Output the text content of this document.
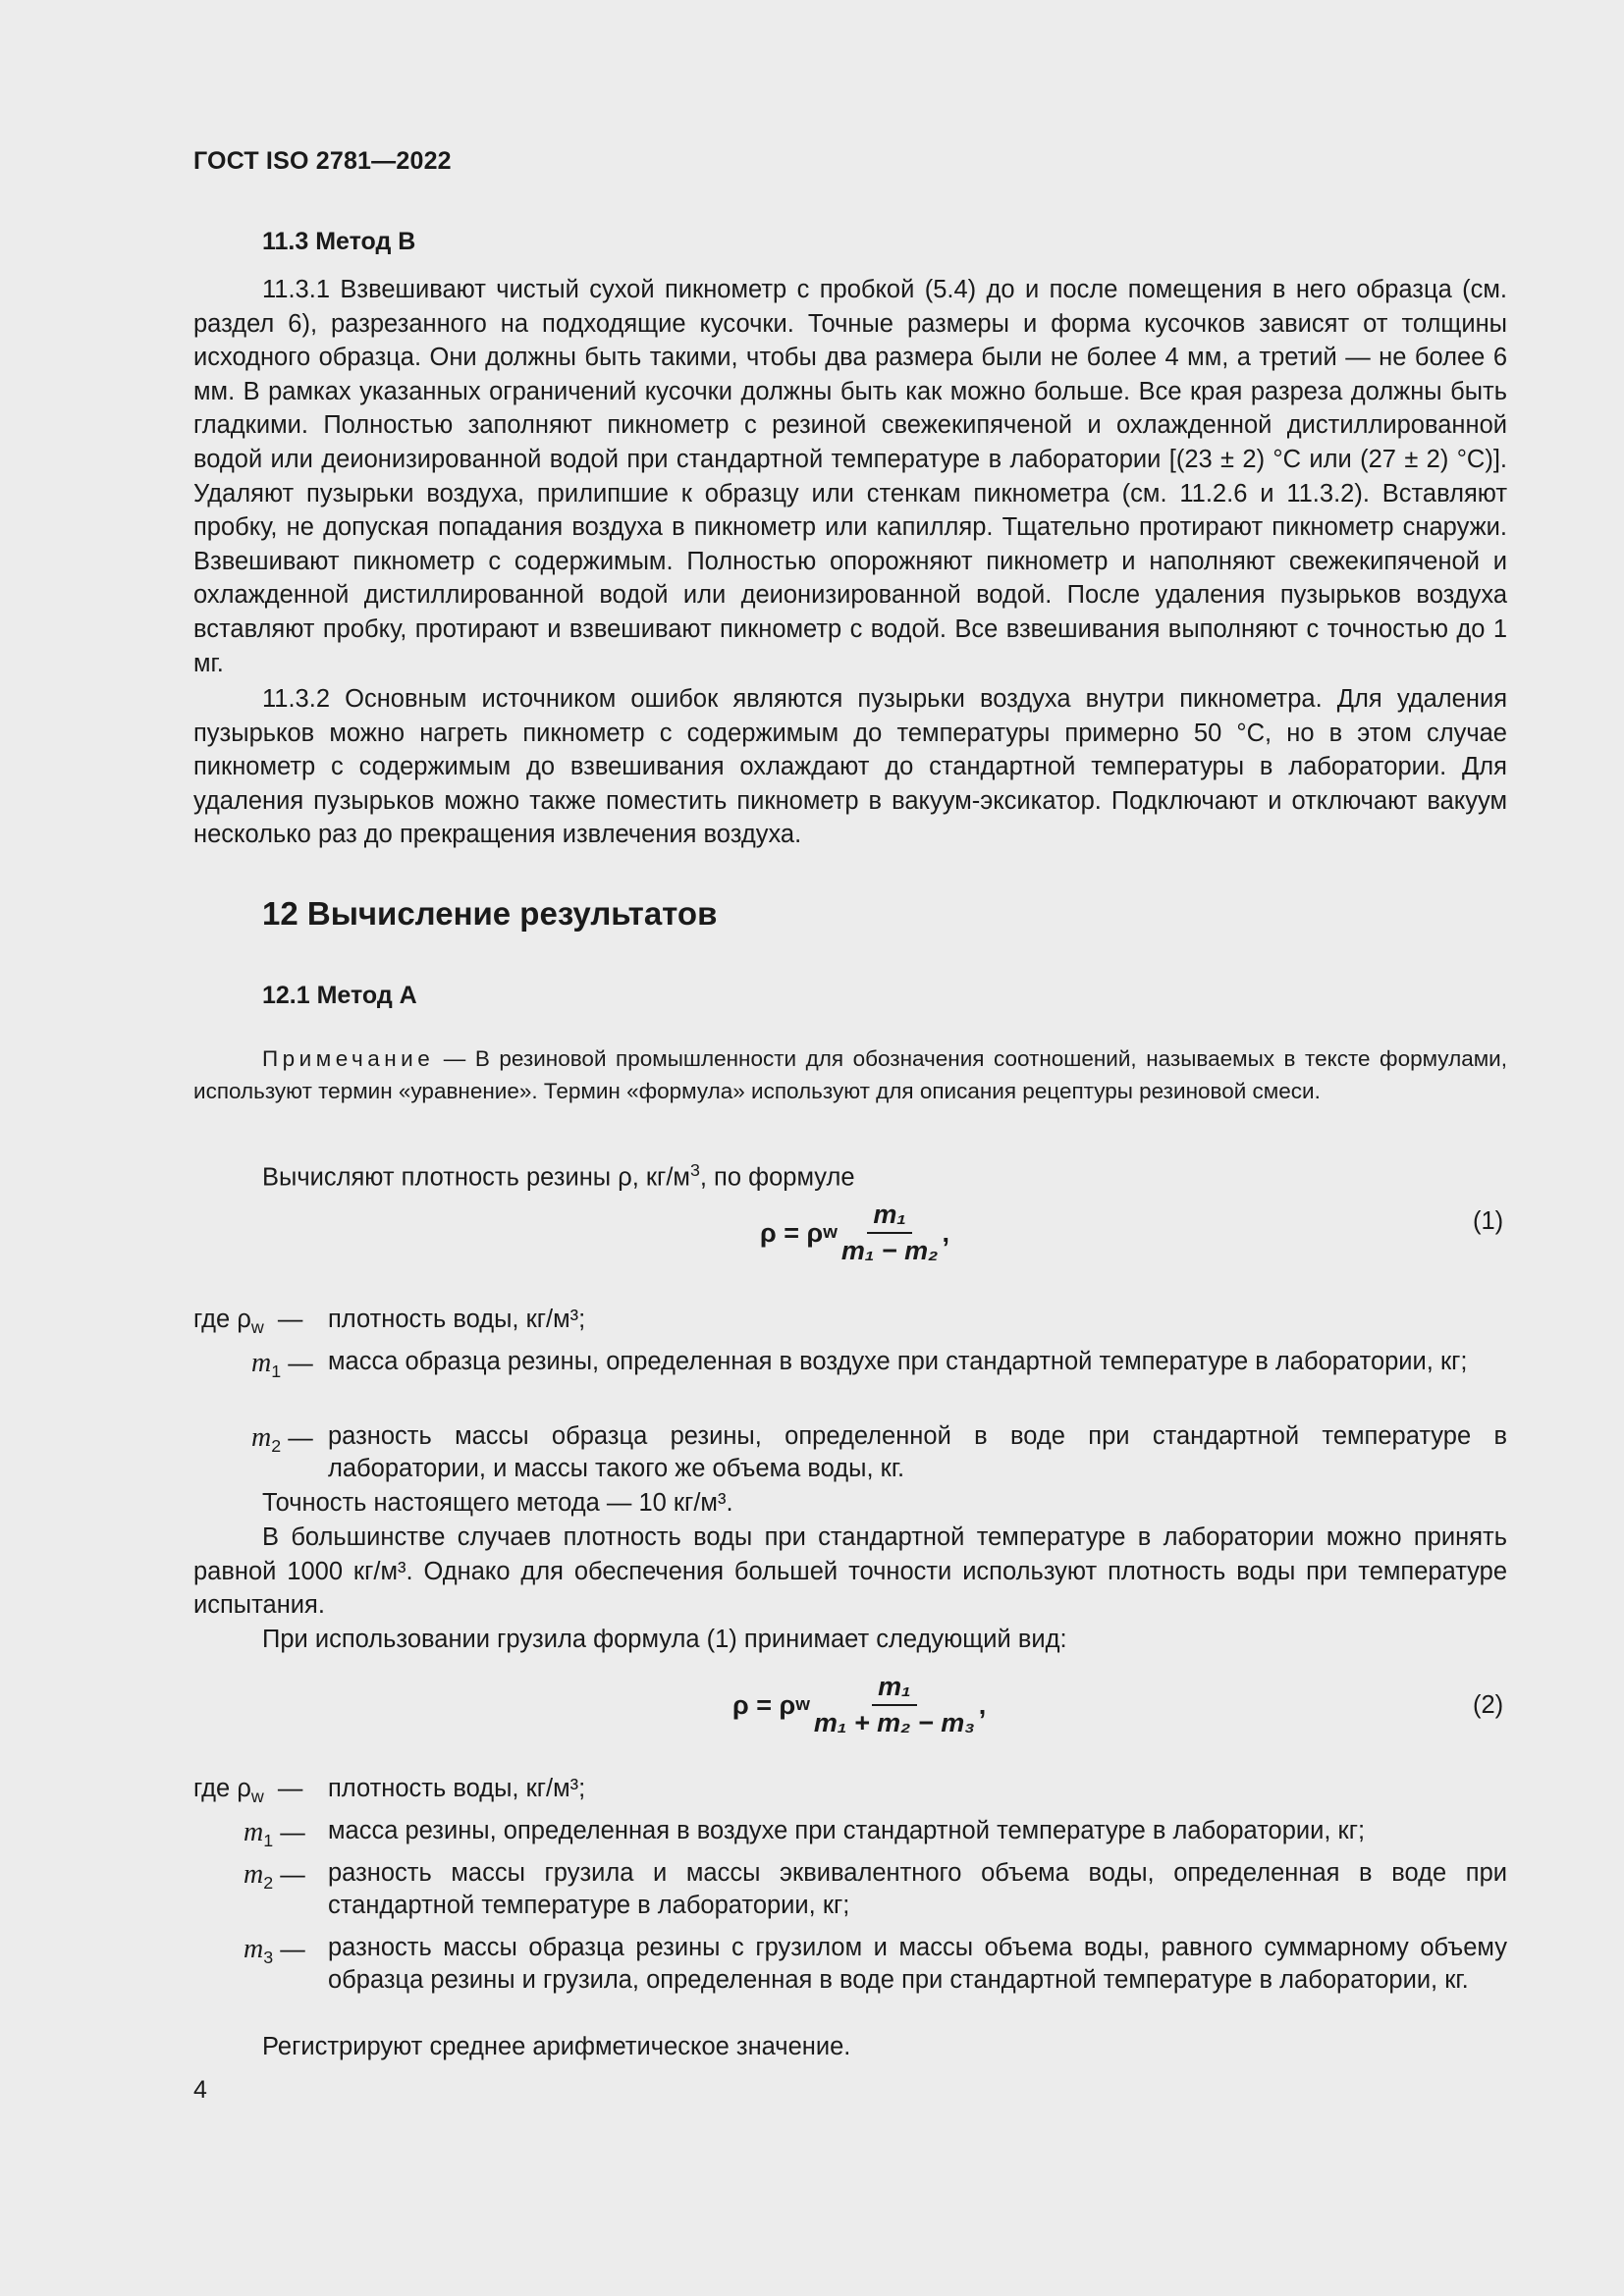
ГОСТ ISO 2781—2022
11.3 Метод В

11.3.1 Взвешивают чистый сухой пикнометр с пробкой (5.4) до и после помещения в него образца (см. раздел 6), разрезанного на подходящие кусочки. Точные размеры и форма кусочков зависят от толщины исходного образца. Они должны быть такими, чтобы два размера были не более 4 мм, а третий — не более 6 мм. В рамках указанных ограничений кусочки должны быть как можно больше. Все края разреза должны быть гладкими. Полностью заполняют пикнометр с резиной свежекипяченой и охлажденной дистиллированной водой или деионизированной водой при стандартной температуре в лаборатории [(23 ± 2) °С или (27 ± 2) °С)]. Удаляют пузырьки воздуха, прилипшие к образцу или стенкам пикнометра (см. 11.2.6 и 11.3.2). Вставляют пробку, не допуская попадания воздуха в пикнометр или капилляр. Тщательно протирают пикнометр снаружи. Взвешивают пикнометр с содержимым. Полностью опорожняют пикнометр и наполняют свежекипяченой и охлажденной дистиллированной водой или деионизированной водой. После удаления пузырьков воздуха вставляют пробку, протирают и взвешивают пикнометр с водой. Все взвешивания выполняют с точностью до 1 мг.

11.3.2 Основным источником ошибок являются пузырьки воздуха внутри пикнометра. Для удаления пузырьков можно нагреть пикнометр с содержимым до температуры примерно 50 °С, но в этом случае пикнометр с содержимым до взвешивания охлаждают до стандартной температуры в лаборатории. Для удаления пузырьков можно также поместить пикнометр в вакуум-эксикатор. Подключают и отключают вакуум несколько раз до прекращения извлечения воздуха.

12 Вычисление результатов
12.1 Метод А

Примечание — В резиновой промышленности для обозначения соотношений, называемых в тексте формулами, используют термин «уравнение». Термин «формула» используют для описания рецептуры резиновой смеси.

Вычисляют плотность резины ρ, $кг/м^3$, по формуле
ρ = ρ w $\frac{\text{m₁}}{\text{m₁ − m₂}}$ ,	(1)
где $\rho_w$ — плотность воды, кг/м³;
$m_1$ — масса образца резины, определенная в воздухе при стандартной температуре в лаборатории, кг;
$m_2$ — разность массы образца резины, определенной в воде при стандартной температуре в лаборатории, и массы такого же объема воды, кг.
Точность настоящего метода — 10 кг/м³.

В большинстве случаев плотность воды при стандартной температуре в лаборатории можно принять равной 1000 кг/м³. Однако для обеспечения большей точности используют плотность воды при температуре испытания.

При использовании грузила формула (1) принимает следующий вид:
ρ = ρ w $\frac{\text{m₁}}{\text{m₁ + m₂ − m₃}}$ ,	(2)
где $\rho_w$ — плотность воды, кг/м³;
$m_1$ — масса резины, определенная в воздухе при стандартной температуре в лаборатории, кг;
$m_2$ — разность массы грузила и массы эквивалентного объема воды, определенная в воде при стандартной температуре в лаборатории, кг;
$m_3$ — разность массы образца резины с грузилом и массы объема воды, равного суммарному объему образца резины и грузила, определенная в воде при стандартной температуре в лаборатории, кг.
Регистрируют среднее арифметическое значение.
4
